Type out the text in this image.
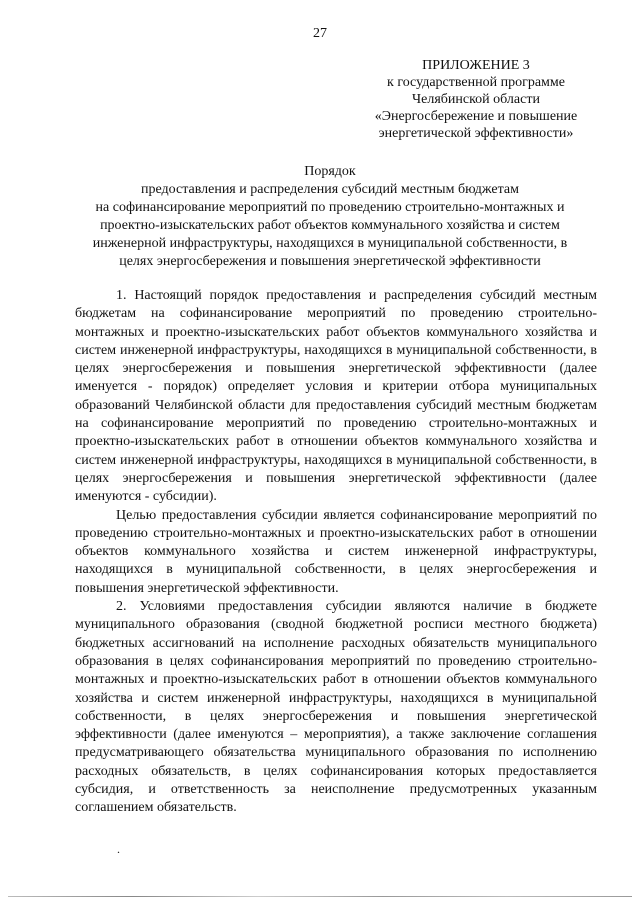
27
ПРИЛОЖЕНИЕ 3
к государственной программе
Челябинской области
«Энергосбережение и повышение
энергетической эффективности»
Порядок
предоставления и распределения субсидий местным бюджетам
на софинансирование мероприятий по проведению строительно-монтажных и
проектно-изыскательских работ объектов коммунального хозяйства и систем
инженерной инфраструктуры, находящихся в муниципальной собственности, в
целях энергосбережения и повышения энергетической эффективности

1. Настоящий порядок предоставления и распределения субсидий местным бюджетам на софинансирование мероприятий по проведению строительно-монтажных и проектно-изыскательских работ объектов коммунального хозяйства и систем инженерной инфраструктуры, находящихся в муниципальной собственности, в целях энергосбережения и повышения энергетической эффективности (далее именуется - порядок) определяет условия и критерии отбора муниципальных образований Челябинской области для предоставления субсидий местным бюджетам на софинансирование мероприятий по проведению строительно-монтажных и проектно-изыскательских работ в отношении объектов коммунального хозяйства и систем инженерной инфраструктуры, находящихся в муниципальной собственности, в целях энергосбережения и повышения энергетической эффективности (далее именуются - субсидии).

Целью предоставления субсидии является софинансирование мероприятий по проведению строительно-монтажных и проектно-изыскательских работ в отношении объектов коммунального хозяйства и систем инженерной инфраструктуры, находящихся в муниципальной собственности, в целях энергосбережения и повышения энергетической эффективности.

2. Условиями предоставления субсидии являются наличие в бюджете муниципального образования (сводной бюджетной росписи местного бюджета) бюджетных ассигнований на исполнение расходных обязательств муниципального образования в целях софинансирования мероприятий по проведению строительно-монтажных и проектно-изыскательских работ в отношении объектов коммунального хозяйства и систем инженерной инфраструктуры, находящихся в муниципальной собственности, в целях энергосбережения и повышения энергетической эффективности (далее именуются – мероприятия), а также заключение соглашения предусматривающего обязательства муниципального образования по исполнению расходных обязательств, в целях софинансирования которых предоставляется субсидия, и ответственность за неисполнение предусмотренных указанным соглашением обязательств.

.
